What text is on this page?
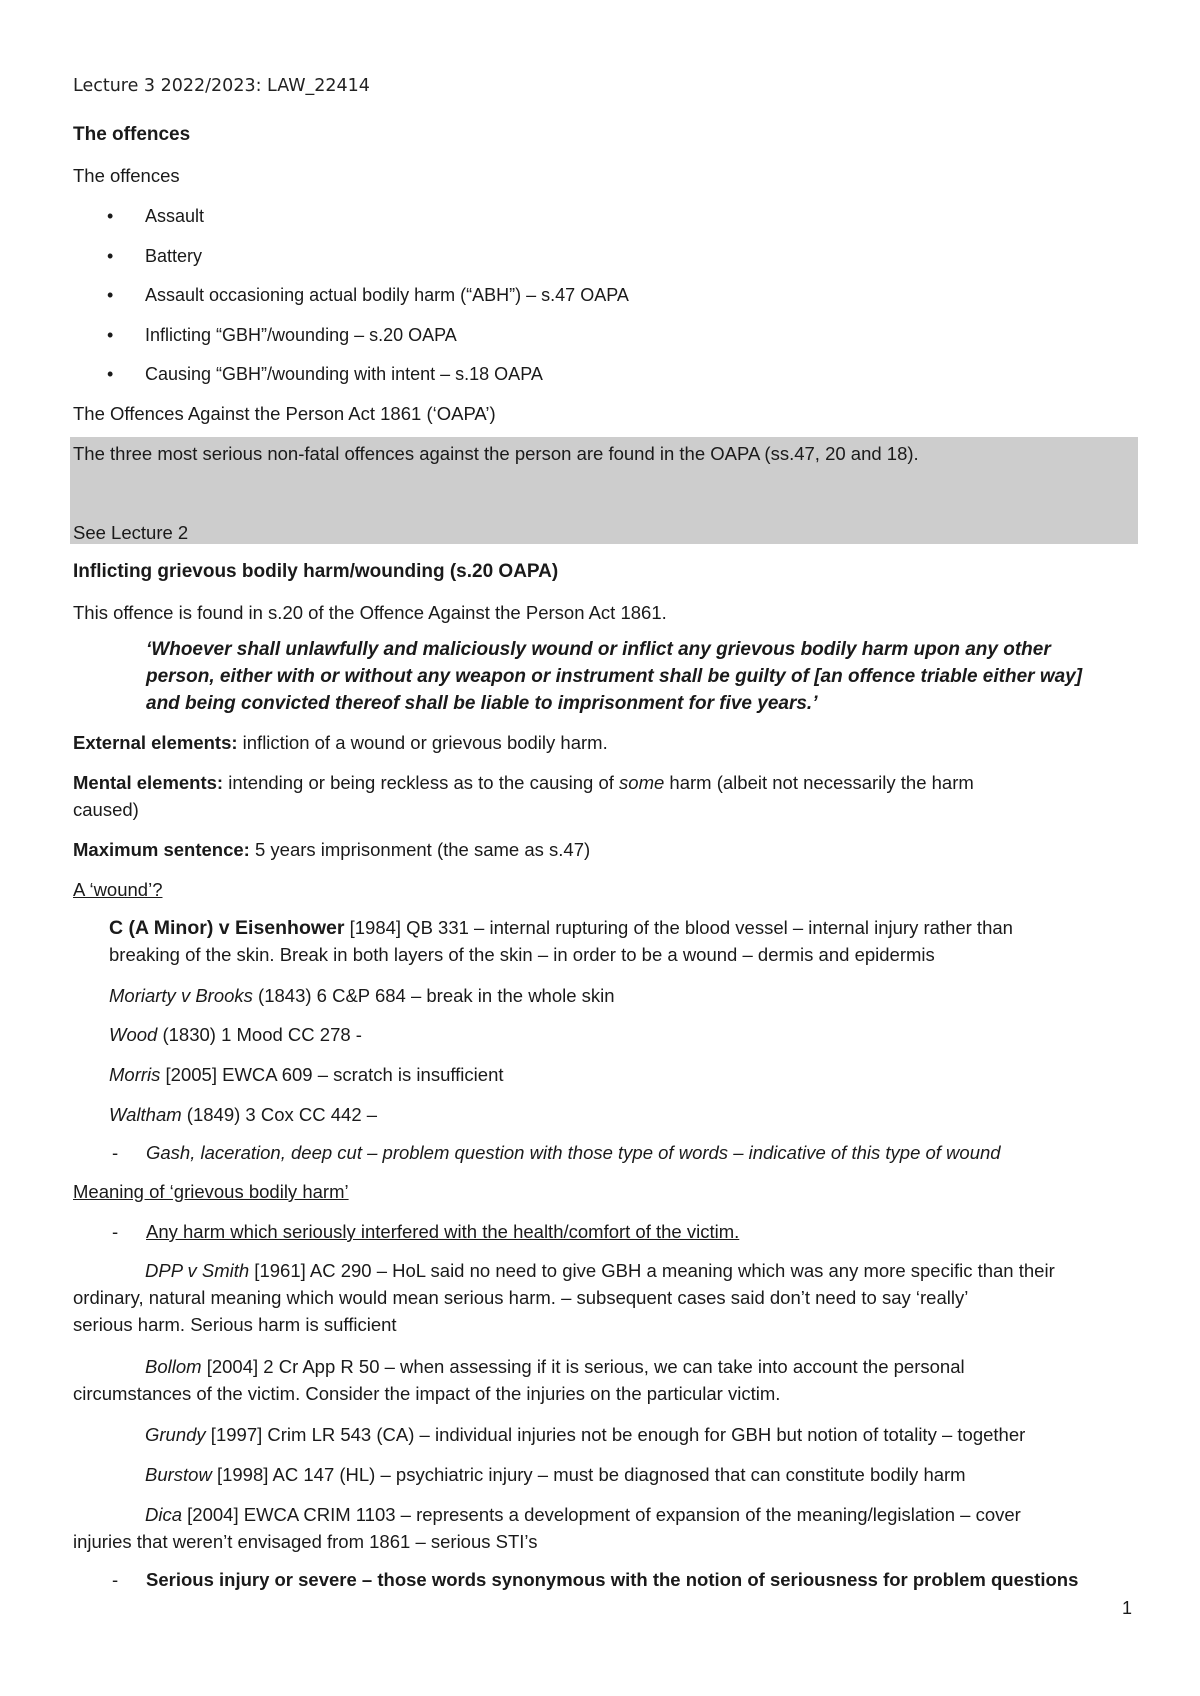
Lecture 3 2022/2023: LAW_22414
The offences
The offences
• Assault
• Battery
• Assault occasioning actual bodily harm (“ABH”) – s.47 OAPA
• Inflicting “GBH”/wounding – s.20 OAPA
• Causing “GBH”/wounding with intent – s.18 OAPA
The Offences Against the Person Act 1861 (‘OAPA’)
The three most serious non-fatal offences against the person are found in the OAPA (ss.47, 20 and 18).
See Lecture 2
Inflicting grievous bodily harm/wounding (s.20 OAPA)
This offence is found in s.20 of the Offence Against the Person Act 1861.
‘Whoever shall unlawfully and maliciously wound or inflict any grievous bodily harm upon any other
person, either with or without any weapon or instrument shall be guilty of [an offence triable either way]
and being convicted thereof shall be liable to imprisonment for five years.’
External elements: infliction of a wound or grievous bodily harm.
Mental elements: intending or being reckless as to the causing of some harm (albeit not necessarily the harm
caused)
Maximum sentence: 5 years imprisonment (the same as s.47)
A ‘wound’?
C (A Minor) v Eisenhower [1984] QB 331 – internal rupturing of the blood vessel – internal injury rather than
breaking of the skin. Break in both layers of the skin – in order to be a wound – dermis and epidermis
Moriarty v Brooks (1843) 6 C&P 684 – break in the whole skin
Wood (1830) 1 Mood CC 278 -
Morris [2005] EWCA 609 – scratch is insufficient
Waltham (1849) 3 Cox CC 442 –
- Gash, laceration, deep cut – problem question with those type of words – indicative of this type of wound
Meaning of ‘grievous bodily harm’
- Any harm which seriously interfered with the health/comfort of the victim.
DPP v Smith [1961] AC 290 – HoL said no need to give GBH a meaning which was any more specific than their
ordinary, natural meaning which would mean serious harm. – subsequent cases said don’t need to say ‘really’
serious harm. Serious harm is sufficient
Bollom [2004] 2 Cr App R 50 – when assessing if it is serious, we can take into account the personal
circumstances of the victim. Consider the impact of the injuries on the particular victim.
Grundy [1997] Crim LR 543 (CA) – individual injuries not be enough for GBH but notion of totality – together
Burstow [1998] AC 147 (HL) – psychiatric injury – must be diagnosed that can constitute bodily harm
Dica [2004] EWCA CRIM 1103 – represents a development of expansion of the meaning/legislation – cover
injuries that weren’t envisaged from 1861 – serious STI’s
- Serious injury or severe – those words synonymous with the notion of seriousness for problem questions
1
